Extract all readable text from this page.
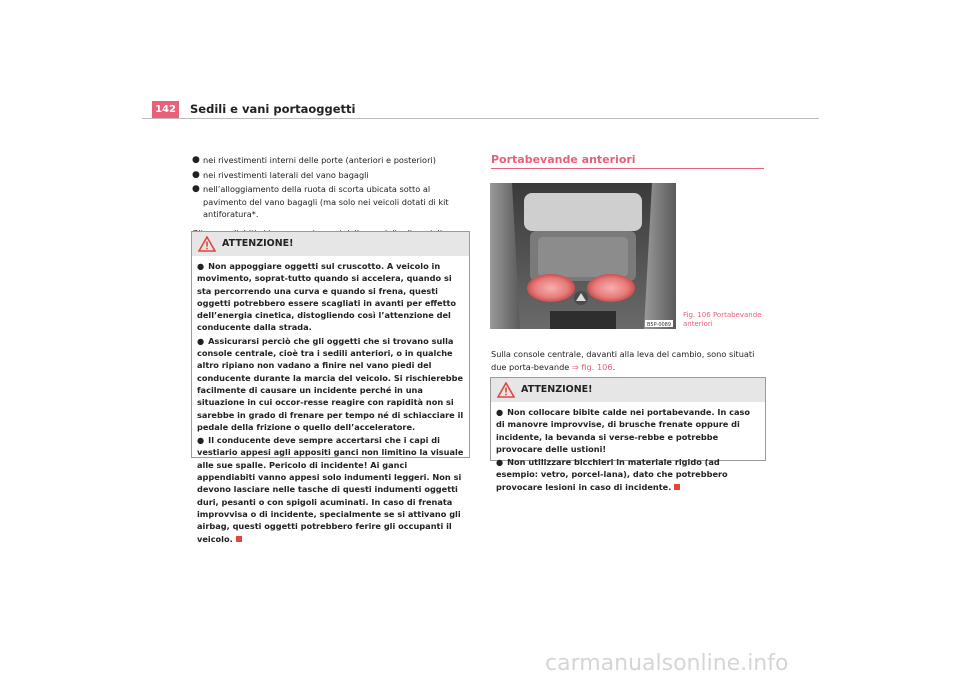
142 Sedili e vani portaoggetti
● nei rivestimenti interni delle porte (anteriori e posteriori)
● nei rivestimenti laterali del vano bagagli
● nell’alloggiamento della ruota di scorta ubicata sotto al pavimento del vano bagagli (ma solo nei veicoli dotati di kit antiforatura*.
ATTENZIONE!
● Non appoggiare oggetti sul cruscotto. A veicolo in movimento, soprat-tutto quando si accelera, quando si sta percorrendo una curva e quando si frena, questi oggetti potrebbero essere scagliati in avanti per effetto dell’energia cinetica, distogliendo così l’attenzione del conducente dalla strada.
● Assicurarsi perciò che gli oggetti che si trovano sulla console centrale, cioè tra i sedili anteriori, o in qualche altro ripiano non vadano a finire nel vano piedi del conducente durante la marcia del veicolo. Si rischierebbe facilmente di causare un incidente perché in una situazione in cui occor-resse reagire con rapidità non si sarebbe in grado di frenare per tempo né di schiacciare il pedale della frizione o quello dell’acceleratore.
● Il conducente deve sempre accertarsi che i capi di vestiario appesi agli appositi ganci non limitino la visuale alle sue spalle. Pericolo di incidente! Ai ganci appendiabiti vanno appesi solo indumenti leggeri. Non si devono lasciare nelle tasche di questi indumenti oggetti duri, pesanti o con spigoli acuminati. In caso di frenata improvvisa o di incidente, specialmente se si attivano gli airbag, questi oggetti potrebbero ferire gli occupanti il veicolo.
Portabevande anteriori
B5P-0089
Fig. 106 Portabevande
anteriori
Sulla console centrale, davanti alla leva del cambio, sono situati due porta-bevande ⇒ fig. 106.
ATTENZIONE!
● Non collocare bibite calde nei portabevande. In caso di manovre improvvise, di brusche frenate oppure di incidente, la bevanda si verse-rebbe e potrebbe provocare delle ustioni!
● Non utilizzare bicchieri in materiale rigido (ad esempio: vetro, porcel-lana), dato che potrebbero provocare lesioni in caso di incidente.
carmanualsonline.info
